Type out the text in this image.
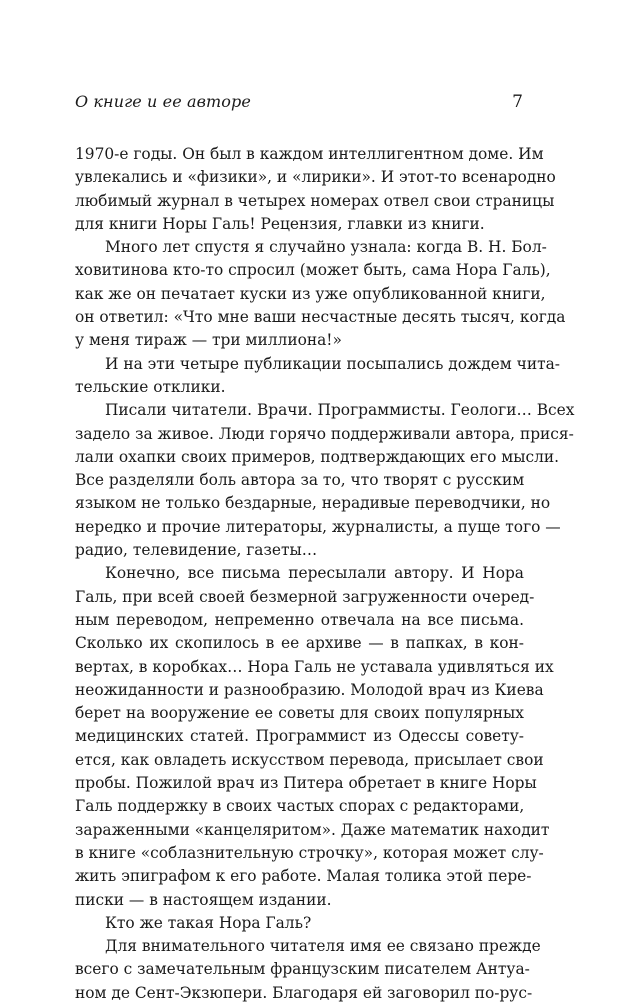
О книге и ее авторе	7
1970-е годы. Он был в каждом интеллигентном доме. Им
увлекались и «физики», и «лирики». И этот-то всенародно
любимый журнал в четырех номерах отвел свои страницы
для книги Норы Галь! Рецензия, главки из книги.
Много лет спустя я случайно узнала: когда В. Н. Бол-
ховитинова кто-то спросил (может быть, сама Нора Галь),
как же он печатает куски из уже опубликованной книги,
он ответил: «Что мне ваши несчастные десять тысяч, когда
у меня тираж — три миллиона!»
И на эти четыре публикации посыпались дождем чита-
тельские отклики.
Писали читатели. Врачи. Программисты. Геологи… Всех
задело за живое. Люди горячо поддерживали автора, прися-
лали охапки своих примеров, подтверждающих его мысли.
Все разделяли боль автора за то, что творят с русским
языком не только бездарные, нерадивые переводчики, но
нередко и прочие литераторы, журналисты, а пуще того —
радио, телевидение, газеты…
Конечно, все письма пересылали автору. И Нора
Галь, при всей своей безмерной загруженности очеред-
ным переводом, непременно отвечала на все письма.
Сколько их скопилось в ее архиве — в папках, в кон-
вертах, в коробках… Нора Галь не уставала удивляться их
неожиданности и разнообразию. Молодой врач из Киева
берет на вооружение ее советы для своих популярных
медицинских статей. Программист из Одессы совету-
ется, как овладеть искусством перевода, присылает свои
пробы. Пожилой врач из Питера обретает в книге Норы
Галь поддержку в своих частых спорах с редакторами,
зараженными «канцеляритом». Даже математик находит
в книге «соблазнительную строчку», которая может слу-
жить эпиграфом к его работе. Малая толика этой пере-
писки — в настоящем издании.
Кто же такая Нора Галь?
Для внимательного читателя имя ее связано прежде
всего с замечательным французским писателем Антуа-
ном де Сент-Экзюпери. Благодаря ей заговорил по-рус-
